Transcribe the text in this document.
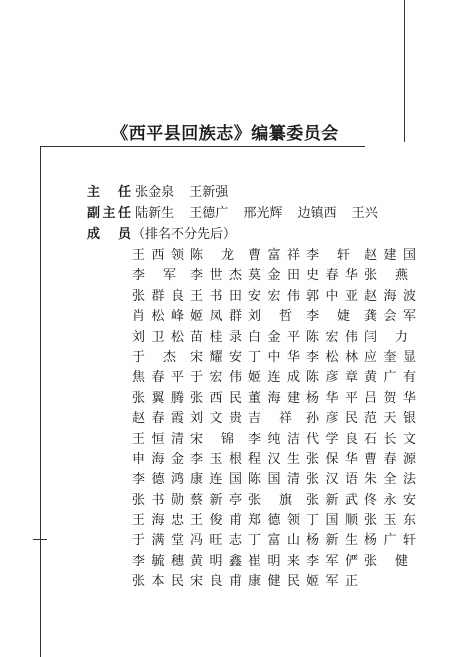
《西平县回族志》编纂委员会
主任 张金泉 王新强
副主任 陆新生 王德广 邢光辉 边镇西 王兴
成员 （排名不分先后）
王西领 陈龙 曹富祥 李轩 赵建国
李军 李世杰 莫金田 史春华 张燕
张群良 王书田 安宏伟 郭中亚 赵海波
肖松峰 姬凤群 刘哲 李婕 龚会军
刘卫松 苗桂录 白金平 陈宏伟 闫力
于杰 宋耀安 丁中华 李松林 应奎显
焦春平 于宏伟 姬连成 陈彦章 黄广有
张翼腾 张西民 董海建 杨华平 吕贺华
赵春霞 刘文贵 吉祥 孙彦民 范天银
王恒清 宋锦 李纯洁 代学良 石长文
申海金 李玉根 程汉生 张保华 曹春源
李德鸿 康连国 陈国清 张汉语 朱全法
张书勋 蔡新亭 张旗 张新武 佟永安
王海忠 王俊甫 郑德领 丁国顺 张玉东
于满堂 冯旺志 丁富山 杨新生 杨广轩
李毓穗 黄明鑫 崔明来 李军俨 张健
张本民 宋良甫 康健民 姬军正
